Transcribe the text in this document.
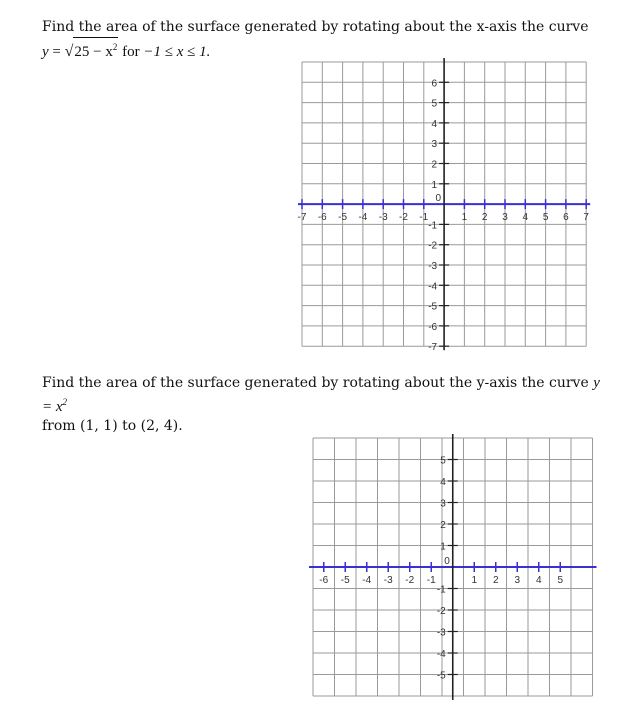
Find the area of the surface generated by rotating about the x-axis the curve
$y = √25 - x^2$ for −1 ≤ x ≤ 1.

-7 -6 -5 -4 -3 -2 -1	1 2 3 4 5 6 7
6
5
4
3
2
1
-1
-2
-3
-4
-5
-6
-7
0

Find the area of the surface generated by rotating about the y-axis the curve $y = x^2$
from (1, 1) to (2, 4).

-6 -5 -4 -3 -2 -1	1 2 3 4 5
5
4
3
2
1
-1
-2
-3
-4
-5
0
